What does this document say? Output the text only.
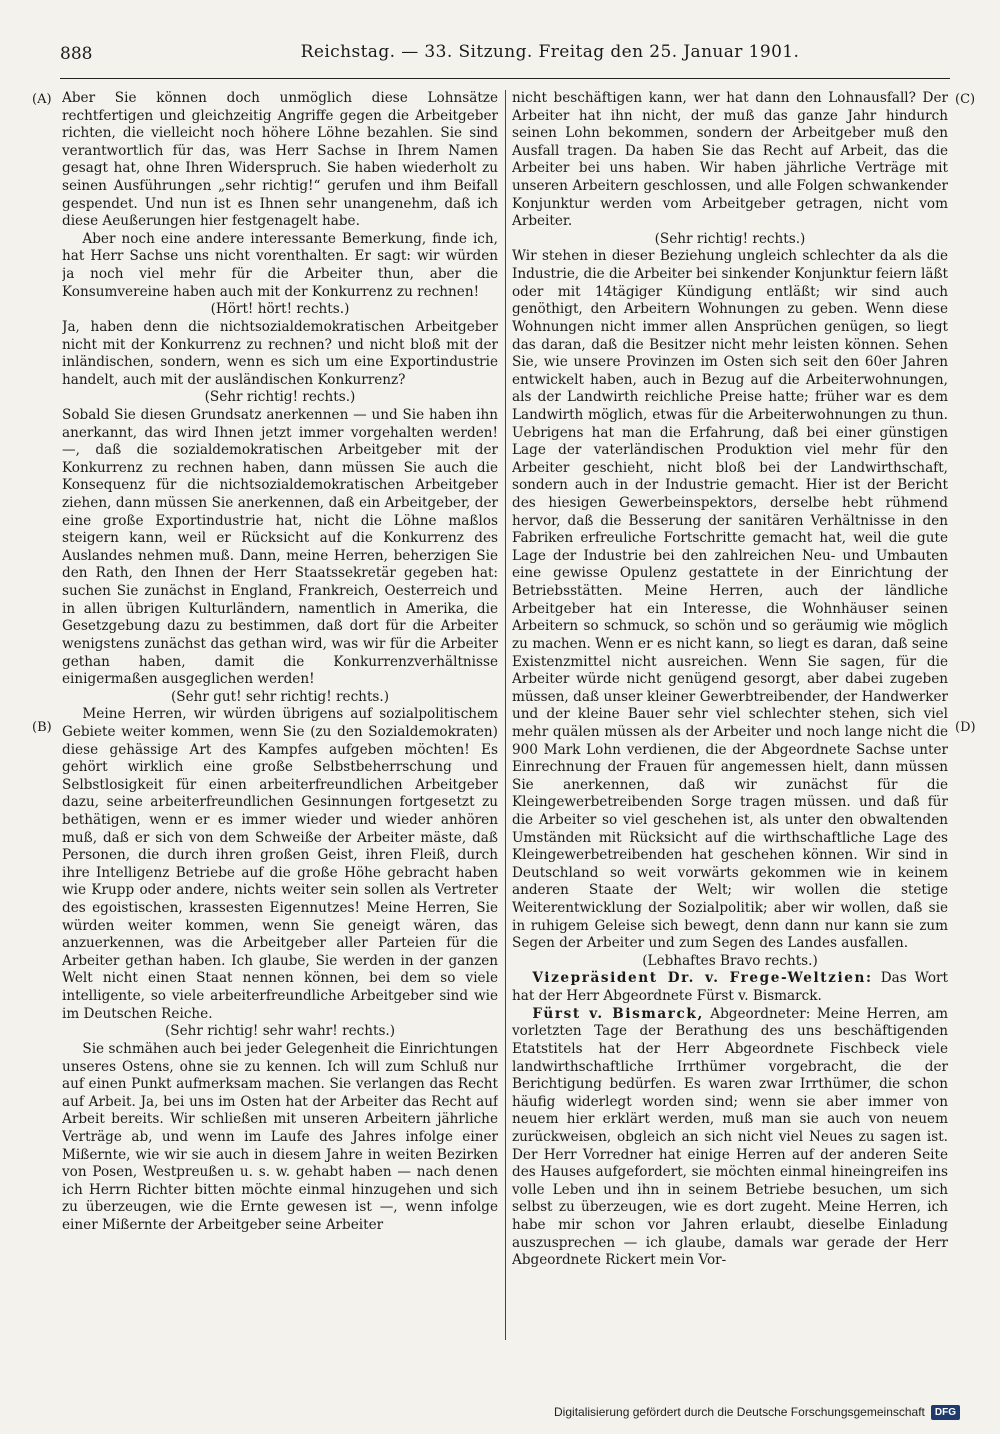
888	Reichstag. — 33. Sitzung. Freitag den 25. Januar 1901.
(A)
(B)
(C)
(D)

Aber Sie können doch unmöglich diese Lohnsätze rechtfertigen und gleichzeitig Angriffe gegen die Arbeitgeber richten, die vielleicht noch höhere Löhne bezahlen. Sie sind verantwortlich für das, was Herr Sachse in Ihrem Namen gesagt hat, ohne Ihren Widerspruch. Sie haben wiederholt zu seinen Ausführungen „sehr richtig!“ gerufen und ihm Beifall gespendet. Und nun ist es Ihnen sehr unangenehm, daß ich diese Aeußerungen hier festgenagelt habe.

Aber noch eine andere interessante Bemerkung, finde ich, hat Herr Sachse uns nicht vorenthalten. Er sagt: wir würden ja noch viel mehr für die Arbeiter thun, aber die Konsumvereine haben auch mit der Konkurrenz zu rechnen!

(Hört! hört! rechts.)

Ja, haben denn die nichtsozialdemokratischen Arbeitgeber nicht mit der Konkurrenz zu rechnen? und nicht bloß mit der inländischen, sondern, wenn es sich um eine Exportindustrie handelt, auch mit der ausländischen Konkurrenz?

(Sehr richtig! rechts.)

Sobald Sie diesen Grundsatz anerkennen — und Sie haben ihn anerkannt, das wird Ihnen jetzt immer vorgehalten werden! —, daß die sozialdemokratischen Arbeitgeber mit der Konkurrenz zu rechnen haben, dann müssen Sie auch die Konsequenz für die nichtsozialdemokratischen Arbeitgeber ziehen, dann müssen Sie anerkennen, daß ein Arbeitgeber, der eine große Exportindustrie hat, nicht die Löhne maßlos steigern kann, weil er Rücksicht auf die Konkurrenz des Auslandes nehmen muß. Dann, meine Herren, beherzigen Sie den Rath, den Ihnen der Herr Staatssekretär gegeben hat: suchen Sie zunächst in England, Frankreich, Oesterreich und in allen übrigen Kulturländern, namentlich in Amerika, die Gesetzgebung dazu zu bestimmen, daß dort für die Arbeiter wenigstens zunächst das gethan wird, was wir für die Arbeiter gethan haben, damit die Konkurrenzverhältnisse einigermaßen ausgeglichen werden!

(Sehr gut! sehr richtig! rechts.)

Meine Herren, wir würden übrigens auf sozialpolitischem Gebiete weiter kommen, wenn Sie (zu den Sozialdemokraten) diese gehässige Art des Kampfes aufgeben möchten! Es gehört wirklich eine große Selbstbeherrschung und Selbstlosigkeit für einen arbeiterfreundlichen Arbeitgeber dazu, seine arbeiterfreundlichen Gesinnungen fortgesetzt zu bethätigen, wenn er es immer wieder und wieder anhören muß, daß er sich von dem Schweiße der Arbeiter mäste, daß Personen, die durch ihren großen Geist, ihren Fleiß, durch ihre Intelligenz Betriebe auf die große Höhe gebracht haben wie Krupp oder andere, nichts weiter sein sollen als Vertreter des egoistischen, krassesten Eigennutzes! Meine Herren, Sie würden weiter kommen, wenn Sie geneigt wären, das anzuerkennen, was die Arbeitgeber aller Parteien für die Arbeiter gethan haben. Ich glaube, Sie werden in der ganzen Welt nicht einen Staat nennen können, bei dem so viele intelligente, so viele arbeiterfreundliche Arbeitgeber sind wie im Deutschen Reiche.

(Sehr richtig! sehr wahr! rechts.)

Sie schmähen auch bei jeder Gelegenheit die Einrichtungen unseres Ostens, ohne sie zu kennen. Ich will zum Schluß nur auf einen Punkt aufmerksam machen. Sie verlangen das Recht auf Arbeit. Ja, bei uns im Osten hat der Arbeiter das Recht auf Arbeit bereits. Wir schließen mit unseren Arbeitern jährliche Verträge ab, und wenn im Laufe des Jahres infolge einer Mißernte, wie wir sie auch in diesem Jahre in weiten Bezirken von Posen, Westpreußen u. s. w. gehabt haben — nach denen ich Herrn Richter bitten möchte einmal hinzugehen und sich zu überzeugen, wie die Ernte gewesen ist —, wenn infolge einer Mißernte der Arbeitgeber seine Arbeiter

nicht beschäftigen kann, wer hat dann den Lohnausfall? Der Arbeiter hat ihn nicht, der muß das ganze Jahr hindurch seinen Lohn bekommen, sondern der Arbeitgeber muß den Ausfall tragen. Da haben Sie das Recht auf Arbeit, das die Arbeiter bei uns haben. Wir haben jährliche Verträge mit unseren Arbeitern geschlossen, und alle Folgen schwankender Konjunktur werden vom Arbeitgeber getragen, nicht vom Arbeiter.

(Sehr richtig! rechts.)

Wir stehen in dieser Beziehung ungleich schlechter da als die Industrie, die die Arbeiter bei sinkender Konjunktur feiern läßt oder mit 14tägiger Kündigung entläßt; wir sind auch genöthigt, den Arbeitern Wohnungen zu geben. Wenn diese Wohnungen nicht immer allen Ansprüchen genügen, so liegt das daran, daß die Besitzer nicht mehr leisten können. Sehen Sie, wie unsere Provinzen im Osten sich seit den 60er Jahren entwickelt haben, auch in Bezug auf die Arbeiterwohnungen, als der Landwirth reichliche Preise hatte; früher war es dem Landwirth möglich, etwas für die Arbeiterwohnungen zu thun. Uebrigens hat man die Erfahrung, daß bei einer günstigen Lage der vaterländischen Produktion viel mehr für den Arbeiter geschieht, nicht bloß bei der Landwirthschaft, sondern auch in der Industrie gemacht. Hier ist der Bericht des hiesigen Gewerbeinspektors, derselbe hebt rühmend hervor, daß die Besserung der sanitären Verhältnisse in den Fabriken erfreuliche Fortschritte gemacht hat, weil die gute Lage der Industrie bei den zahlreichen Neu- und Umbauten eine gewisse Opulenz gestattete in der Einrichtung der Betriebsstätten. Meine Herren, auch der ländliche Arbeitgeber hat ein Interesse, die Wohnhäuser seinen Arbeitern so schmuck, so schön und so geräumig wie möglich zu machen. Wenn er es nicht kann, so liegt es daran, daß seine Existenzmittel nicht ausreichen. Wenn Sie sagen, für die Arbeiter würde nicht genügend gesorgt, aber dabei zugeben müssen, daß unser kleiner Gewerbtreibender, der Handwerker und der kleine Bauer sehr viel schlechter stehen, sich viel mehr quälen müssen als der Arbeiter und noch lange nicht die 900 Mark Lohn verdienen, die der Abgeordnete Sachse unter Einrechnung der Frauen für angemessen hielt, dann müssen Sie anerkennen, daß wir zunächst für die Kleingewerbetreibenden Sorge tragen müssen. und daß für die Arbeiter so viel geschehen ist, als unter den obwaltenden Umständen mit Rücksicht auf die wirthschaftliche Lage des Kleingewerbetreibenden hat geschehen können. Wir sind in Deutschland so weit vorwärts gekommen wie in keinem anderen Staate der Welt; wir wollen die stetige Weiterentwicklung der Sozialpolitik; aber wir wollen, daß sie in ruhigem Geleise sich bewegt, denn dann nur kann sie zum Segen der Arbeiter und zum Segen des Landes ausfallen.

(Lebhaftes Bravo rechts.)

Vizepräsident Dr. v. Frege-Weltzien: Das Wort hat der Herr Abgeordnete Fürst v. Bismarck.

Fürst v. Bismarck, Abgeordneter: Meine Herren, am vorletzten Tage der Berathung des uns beschäftigenden Etatstitels hat der Herr Abgeordnete Fischbeck viele landwirthschaftliche Irrthümer vorgebracht, die der Berichtigung bedürfen. Es waren zwar Irrthümer, die schon häufig widerlegt worden sind; wenn sie aber immer von neuem hier erklärt werden, muß man sie auch von neuem zurückweisen, obgleich an sich nicht viel Neues zu sagen ist. Der Herr Vorredner hat einige Herren auf der anderen Seite des Hauses aufgefordert, sie möchten einmal hineingreifen ins volle Leben und ihn in seinem Betriebe besuchen, um sich selbst zu überzeugen, wie es dort zugeht. Meine Herren, ich habe mir schon vor Jahren erlaubt, dieselbe Einladung auszusprechen — ich glaube, damals war gerade der Herr Abgeordnete Rickert mein Vor-

Digitalisierung gefördert durch die Deutsche Forschungsgemeinschaft	DFG
